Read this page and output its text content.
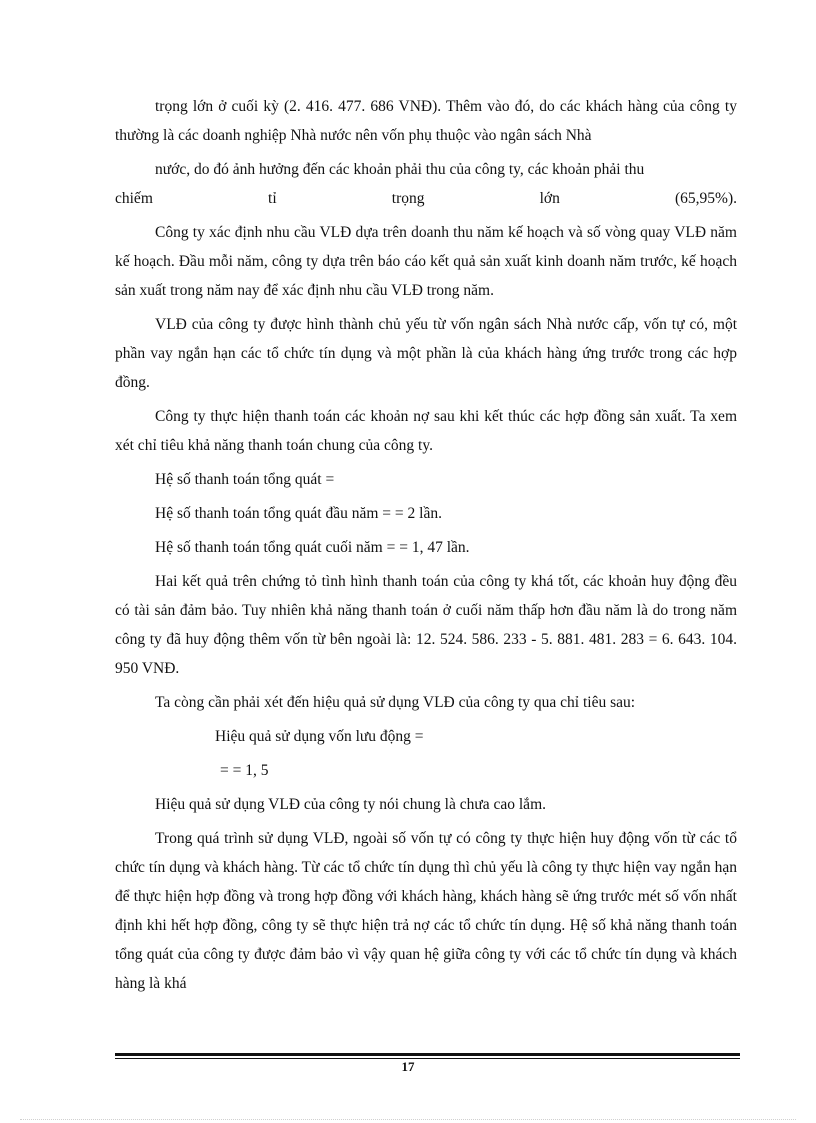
trọng lớn ở cuối kỳ (2. 416. 477. 686 VNĐ). Thêm vào đó, do các khách hàng của công ty thường là các doanh nghiệp Nhà nước nên vốn phụ thuộc vào ngân sách Nhà

nước, do đó ảnh hưởng đến các khoản phải thu của công ty, các khoản phải thu

chiếm tỉ trọng lớn (65,95%).

Công ty xác định nhu cầu VLĐ dựa trên doanh thu năm kế hoạch và số vòng quay VLĐ năm kế hoạch. Đầu mỗi năm, công ty dựa trên báo cáo kết quả sản xuất kinh doanh năm trước, kế hoạch sản xuất trong năm nay để xác định nhu cầu VLĐ trong năm.

VLĐ của công ty được hình thành chủ yếu từ vốn ngân sách Nhà nước cấp, vốn tự có, một phần vay ngắn hạn các tổ chức tín dụng và một phần là của khách hàng ứng trước trong các hợp đồng.

Công ty thực hiện thanh toán các khoản nợ sau khi kết thúc các hợp đồng sản xuất. Ta xem xét chỉ tiêu khả năng thanh toán chung của công ty.

Hệ số thanh toán tổng quát =

Hệ số thanh toán tổng quát đầu năm = = 2 lần.

Hệ số thanh toán tổng quát cuối năm = = 1, 47 lần.

Hai kết quả trên chứng tỏ tình hình thanh toán của công ty khá tốt, các khoản huy động đều có tài sản đảm bảo. Tuy nhiên khả năng thanh toán ở cuối năm thấp hơn đầu năm là do trong năm công ty đã huy động thêm vốn từ bên ngoài là: 12. 524. 586. 233 - 5. 881. 481. 283 = 6. 643. 104. 950 VNĐ.

Ta còng cần phải xét đến hiệu quả sử dụng VLĐ của công ty qua chỉ tiêu sau:

Hiệu quả sử dụng vốn lưu động =

= = 1, 5

Hiệu quả sử dụng VLĐ của công ty nói chung là chưa cao lắm.

Trong quá trình sử dụng VLĐ, ngoài số vốn tự có công ty thực hiện huy động vốn từ các tổ chức tín dụng và khách hàng. Từ các tổ chức tín dụng thì chủ yếu là công ty thực hiện vay ngắn hạn để thực hiện hợp đồng và trong hợp đồng với khách hàng, khách hàng sẽ ứng trước mét số vốn nhất định khi hết hợp đồng, công ty sẽ thực hiện trả nợ các tổ chức tín dụng. Hệ số khả năng thanh toán tổng quát của công ty được đảm bảo vì vậy quan hệ giữa công ty với các tổ chức tín dụng và khách hàng là khá

17
